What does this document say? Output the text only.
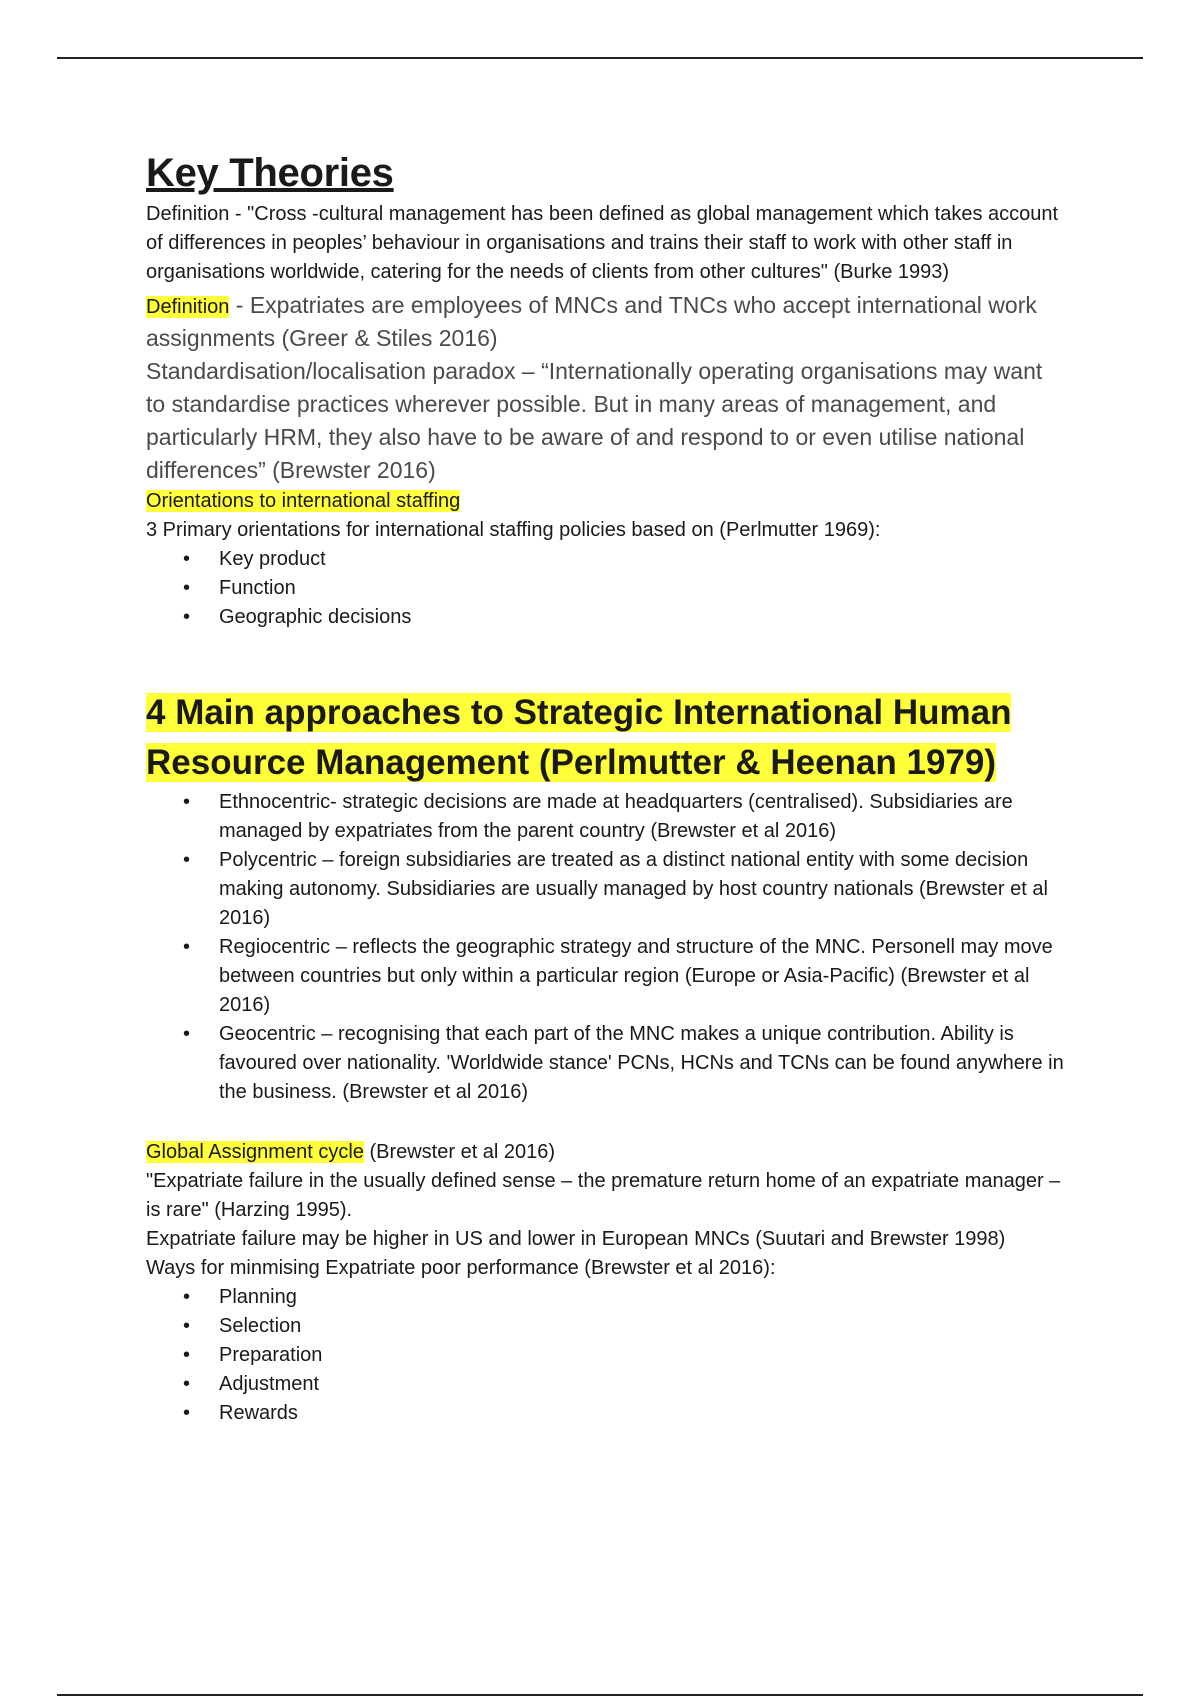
Key Theories

Definition - "Cross -cultural management has been defined as global management which takes account of differences in peoples’ behaviour in organisations and trains their staff to work with other staff in organisations worldwide, catering for the needs of clients from other cultures" (Burke 1993)

Definition - Expatriates are employees of MNCs and TNCs who accept international work assignments (Greer & Stiles 2016)

Standardisation/localisation paradox – “Internationally operating organisations may want to standardise practices wherever possible. But in many areas of management, and particularly HRM, they also have to be aware of and respond to or even utilise national differences” (Brewster 2016)

Orientations to international staffing

3 Primary orientations for international staffing policies based on (Perlmutter 1969):

• Key product
• Function
• Geographic decisions
4 Main approaches to Strategic International Human Resource Management (Perlmutter & Heenan 1979)
• Ethnocentric- strategic decisions are made at headquarters (centralised). Subsidiaries are managed by expatriates from the parent country (Brewster et al 2016)
• Polycentric – foreign subsidiaries are treated as a distinct national entity with some decision making autonomy. Subsidiaries are usually managed by host country nationals (Brewster et al 2016)
• Regiocentric – reflects the geographic strategy and structure of the MNC. Personell may move between countries but only within a particular region (Europe or Asia-Pacific) (Brewster et al 2016)
• Geocentric – recognising that each part of the MNC makes a unique contribution. Ability is favoured over nationality. 'Worldwide stance' PCNs, HCNs and TCNs can be found anywhere in the business. (Brewster et al 2016)

Global Assignment cycle (Brewster et al 2016)

"Expatriate failure in the usually defined sense – the premature return home of an expatriate manager – is rare" (Harzing 1995).

Expatriate failure may be higher in US and lower in European MNCs (Suutari and Brewster 1998)

Ways for minmising Expatriate poor performance (Brewster et al 2016):

• Planning
• Selection
• Preparation
• Adjustment
• Rewards
